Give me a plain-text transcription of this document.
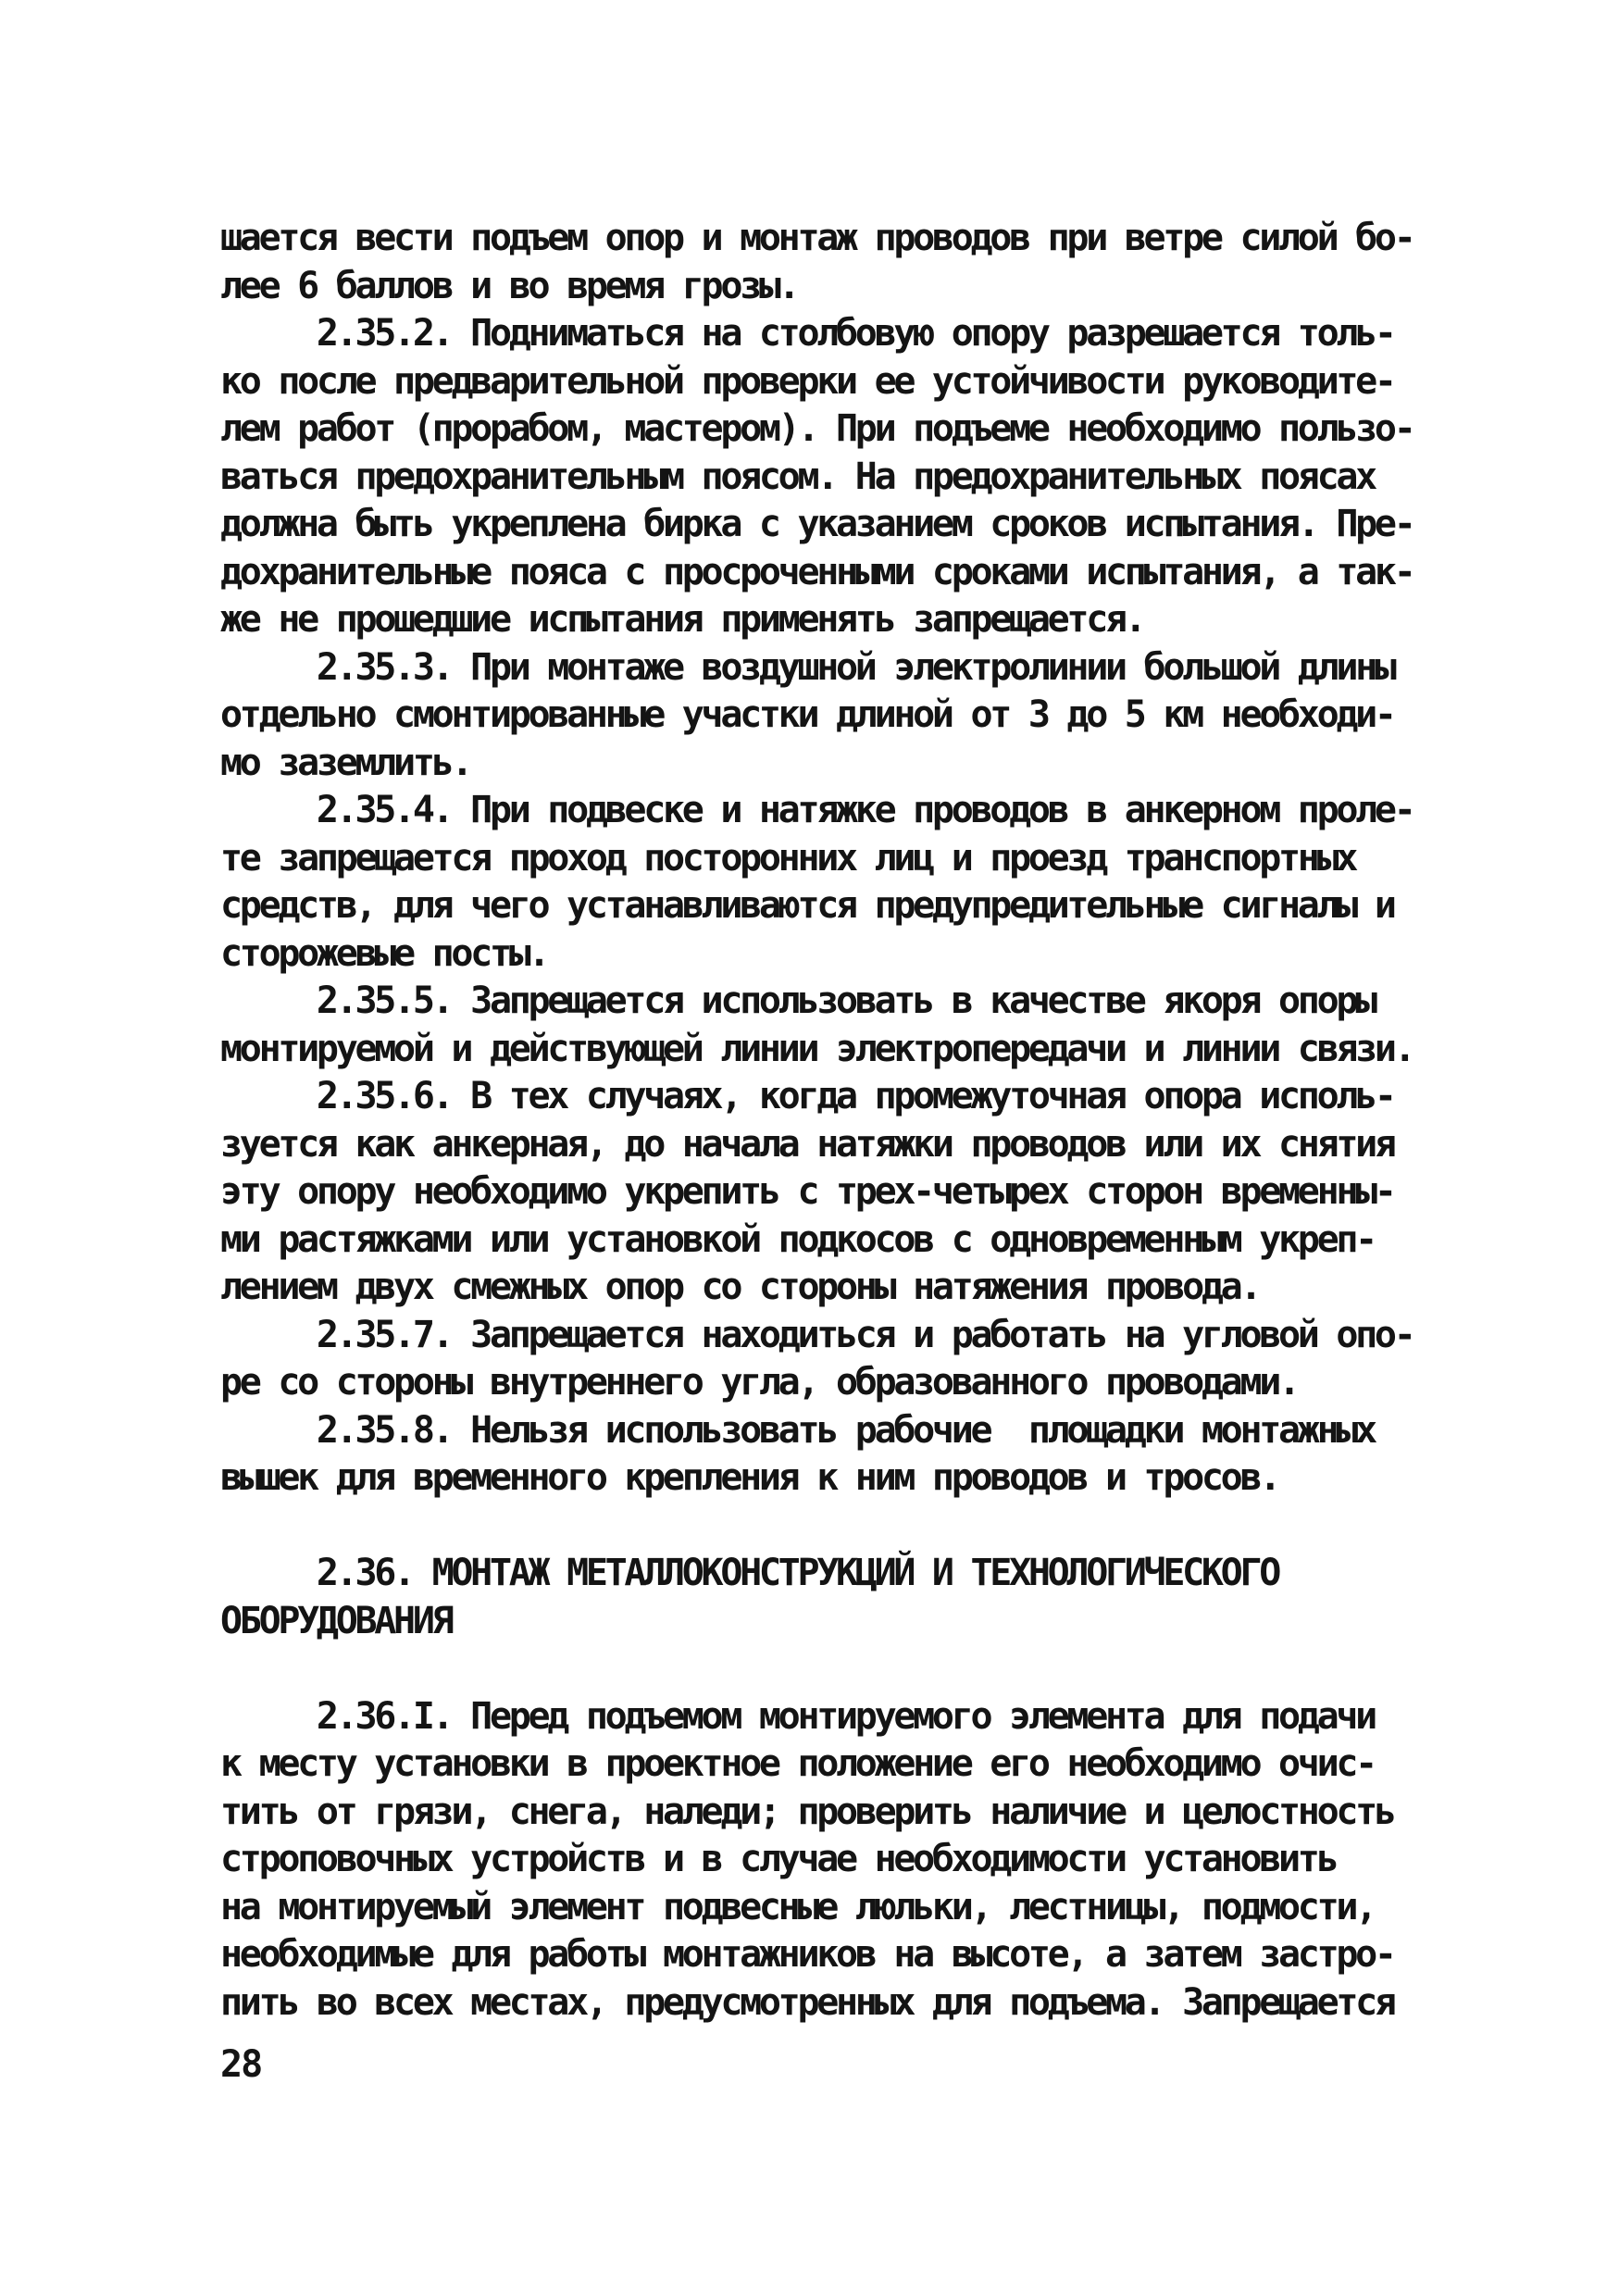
шается вести подъем опор и монтаж проводов при ветре силой бо-
лее 6 баллов и во время грозы.
2.35.2. Подниматься на столбовую опору разрешается толь-
ко после предварительной проверки ее устойчивости руководите-
лем работ (прорабом, мастером). При подъеме необходимо пользо-
ваться предохранительным поясом. На предохранительных поясах
должна быть укреплена бирка с указанием сроков испытания. Пре-
дохранительные пояса с просроченными сроками испытания, а так-
же не прошедшие испытания применять запрещается.
2.35.3. При монтаже воздушной электролинии большой длины
отдельно смонтированные участки длиной от 3 до 5 км необходи-
мо заземлить.
2.35.4. При подвеске и натяжке проводов в анкерном проле-
те запрещается проход посторонних лиц и проезд транспортных
средств, для чего устанавливаются предупредительные сигналы и
сторожевые посты.
2.35.5. Запрещается использовать в качестве якоря опоры
монтируемой и действующей линии электропередачи и линии связи.
2.35.6. В тех случаях, когда промежуточная опора исполь-
зуется как анкерная, до начала натяжки проводов или их снятия
эту опору необходимо укрепить с трех-четырех сторон временны-
ми растяжками или установкой подкосов с одновременным укреп-
лением двух смежных опор со стороны натяжения провода.
2.35.7. Запрещается находиться и работать на угловой опо-
ре со стороны внутреннего угла, образованного проводами.
2.35.8. Нельзя использовать рабочие  площадки монтажных
вышек для временного крепления к ним проводов и тросов.

2.36. МОНТАЖ МЕТАЛЛОКОНСТРУКЦИЙ И ТЕХНОЛОГИЧЕСКОГО
ОБОРУДОВАНИЯ

2.36.I. Перед подъемом монтируемого элемента для подачи
к месту установки в проектное положение его необходимо очис-
тить от грязи, снега, наледи; проверить наличие и целостность
строповочных устройств и в случае необходимости установить
на монтируемый элемент подвесные люльки, лестницы, подмости,
необходимые для работы монтажников на высоте, а затем застро-
пить во всех местах, предусмотренных для подъема. Запрещается
28
